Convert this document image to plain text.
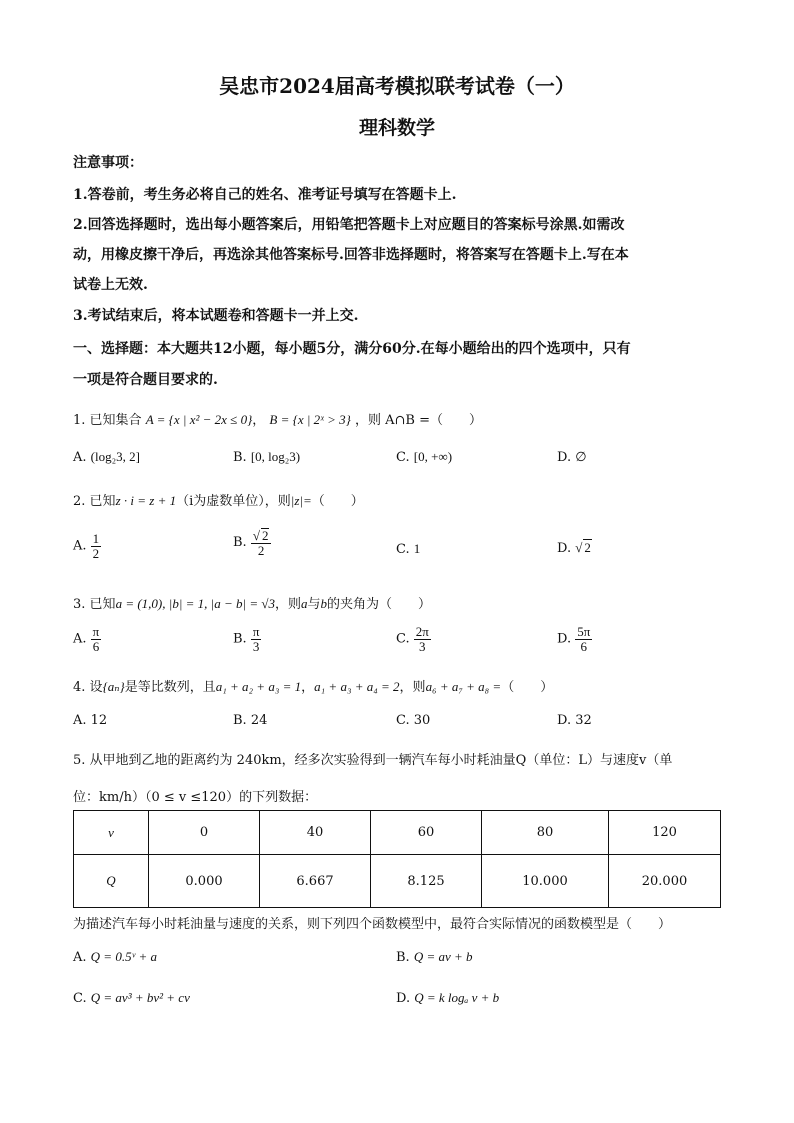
吴忠市2024届高考模拟联考试卷（一）
理科数学
注意事项：
1.答卷前，考生务必将自己的姓名、准考证号填写在答题卡上.
2.回答选择题时，选出每小题答案后，用铅笔把答题卡上对应题目的答案标号涂黑.如需改
动，用橡皮擦干净后，再选涂其他答案标号.回答非选择题时，将答案写在答题卡上.写在本
试卷上无效.
3.考试结束后，将本试题卷和答题卡一并上交.
一、选择题：本大题共12小题，每小题5分，满分60分.在每小题给出的四个选项中，只有
一项是符合题目要求的.
1. 已知集合 A = {x | x² − 2x ≤ 0}， B = {x | 2ˣ > 3} ，则 A∩B =（　　）
A. (log₂3, 2]	B. [0, log₂3)	C. [0, +∞)	D. ∅
2. 已知z · i = z + 1（i为虚数单位），则|z|=（　　）
A. $\frac{1}{2}$	B. $\frac{√ 2}{2}$	C. 1	D. √ 2
3. 已知a = (1,0), |b| = 1, |a − b| = √3，则a与b的夹角为（　　）
A. $\frac{\pi}{6}$	B. $\frac{\pi}{3}$	C. $\frac{2\pi}{3}$	D. $\frac{5\pi}{6}$
4. 设{aₙ}是等比数列，且a₁ + a₂ + a₃ = 1，a₁ + a₃ + a₄ = 2，则a₆ + a₇ + a₈ =（　　）
A. 12	B. 24	C. 30	D. 32
5. 从甲地到乙地的距离约为 240km，经多次实验得到一辆汽车每小时耗油量Q（单位：L）与速度v（单
位：km/h）（0 ≤ v ≤120）的下列数据：
v	0	40	60	80	120
Q	0.000	6.667	8.125	10.000	20.000
为描述汽车每小时耗油量与速度的关系，则下列四个函数模型中，最符合实际情况的函数模型是（　　）
A. Q = 0.5ᵛ + a	B. Q = av + b
C. Q = av³ + bv² + cv	D. Q = k logₐ v + b
